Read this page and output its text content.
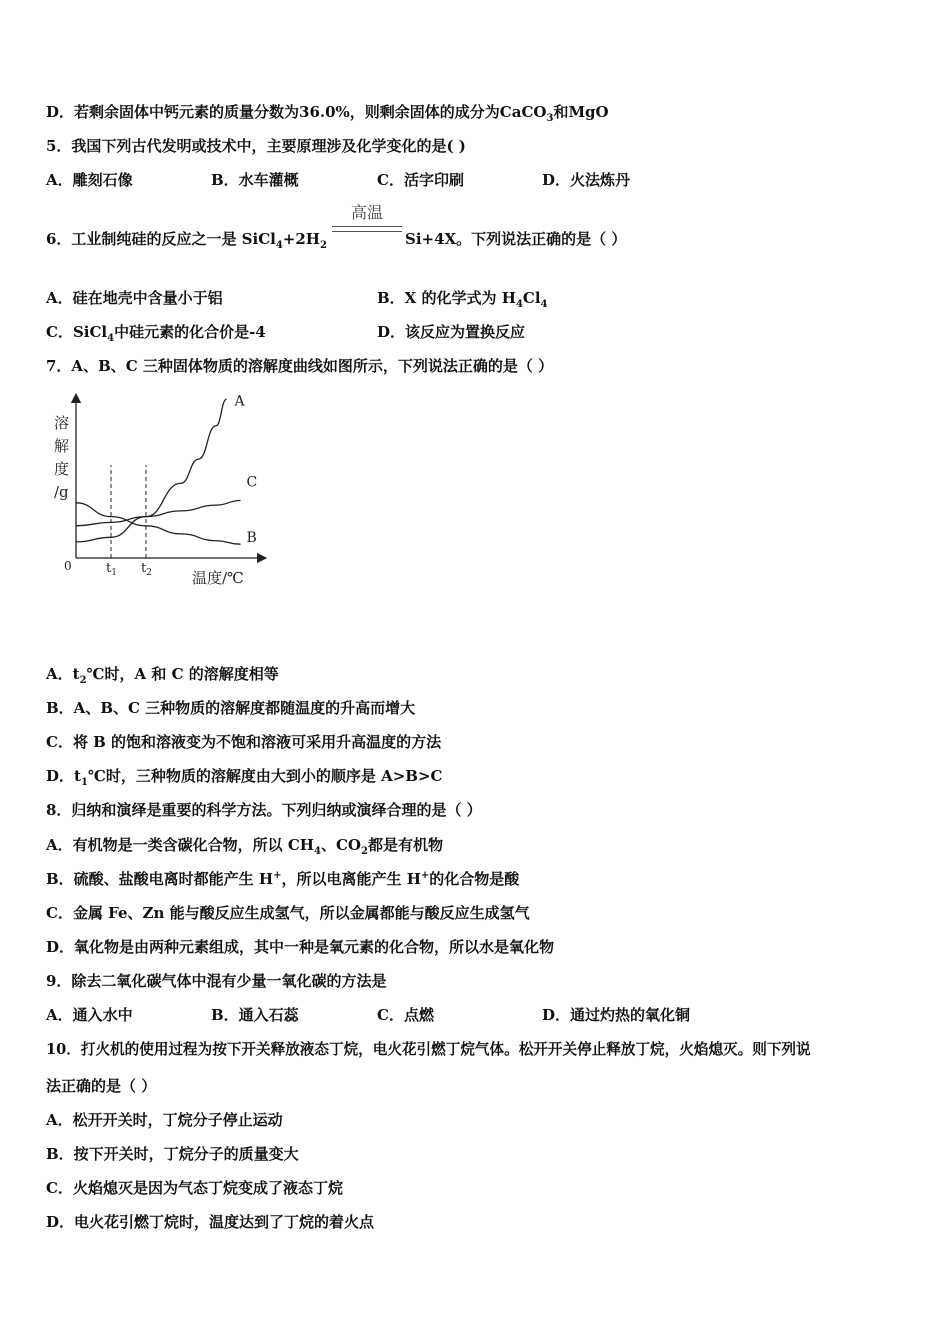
D．若剩余固体中钙元素的质量分数为36.0%，则剩余固体的成分为CaCO$_3$和MgO
5．我国下列古代发明或技术中，主要原理涉及化学变化的是( )
A．雕刻石像	B．水车灌概	C．活字印刷	D．火法炼丹
6．工业制纯硅的反应之一是 $SiCl_4+2H_2$
高温
Si+4X。下列说法正确的是（ ）
A．硅在地壳中含量小于铝	B．X 的化学式为 $H_4Cl_4$
C．SiCl$_4$中硅元素的化合价是-4	D．该反应为置换反应
7．A、B、C 三种固体物质的溶解度曲线如图所示，下列说法正确的是（ ）
溶
解
度
/g
0	$t_1$ $t_2$	温度/℃
A
C
B
A．$t_2℃$时，A 和 C 的溶解度相等
B．A、B、C 三种物质的溶解度都随温度的升高而增大
C．将 B 的饱和溶液变为不饱和溶液可采用升高温度的方法
D．$t_1℃$时，三种物质的溶解度由大到小的顺序是 A>B>C
8．归纳和演绎是重要的科学方法。下列归纳或演绎合理的是（ ）
A．有机物是一类含碳化合物，所以 $CH_4$、$CO_2$都是有机物
B．硫酸、盐酸电离时都能产生 H+，所以电离能产生 H+的化合物是酸
C．金属 Fe、Zn 能与酸反应生成氢气，所以金属都能与酸反应生成氢气
D．氧化物是由两种元素组成，其中一种是氧元素的化合物，所以水是氧化物
9．除去二氧化碳气体中混有少量一氧化碳的方法是
A．通入水中	B．通入石蕊	C．点燃	D．通过灼热的氧化铜
10．打火机的使用过程为按下开关释放液态丁烷，电火花引燃丁烷气体。松开开关停止释放丁烷，火焰熄灭。则下列说
法正确的是（ ）
A．松开开关时，丁烷分子停止运动
B．按下开关时，丁烷分子的质量变大
C．火焰熄灭是因为气态丁烷变成了液态丁烷
D．电火花引燃丁烷时，温度达到了丁烷的着火点
